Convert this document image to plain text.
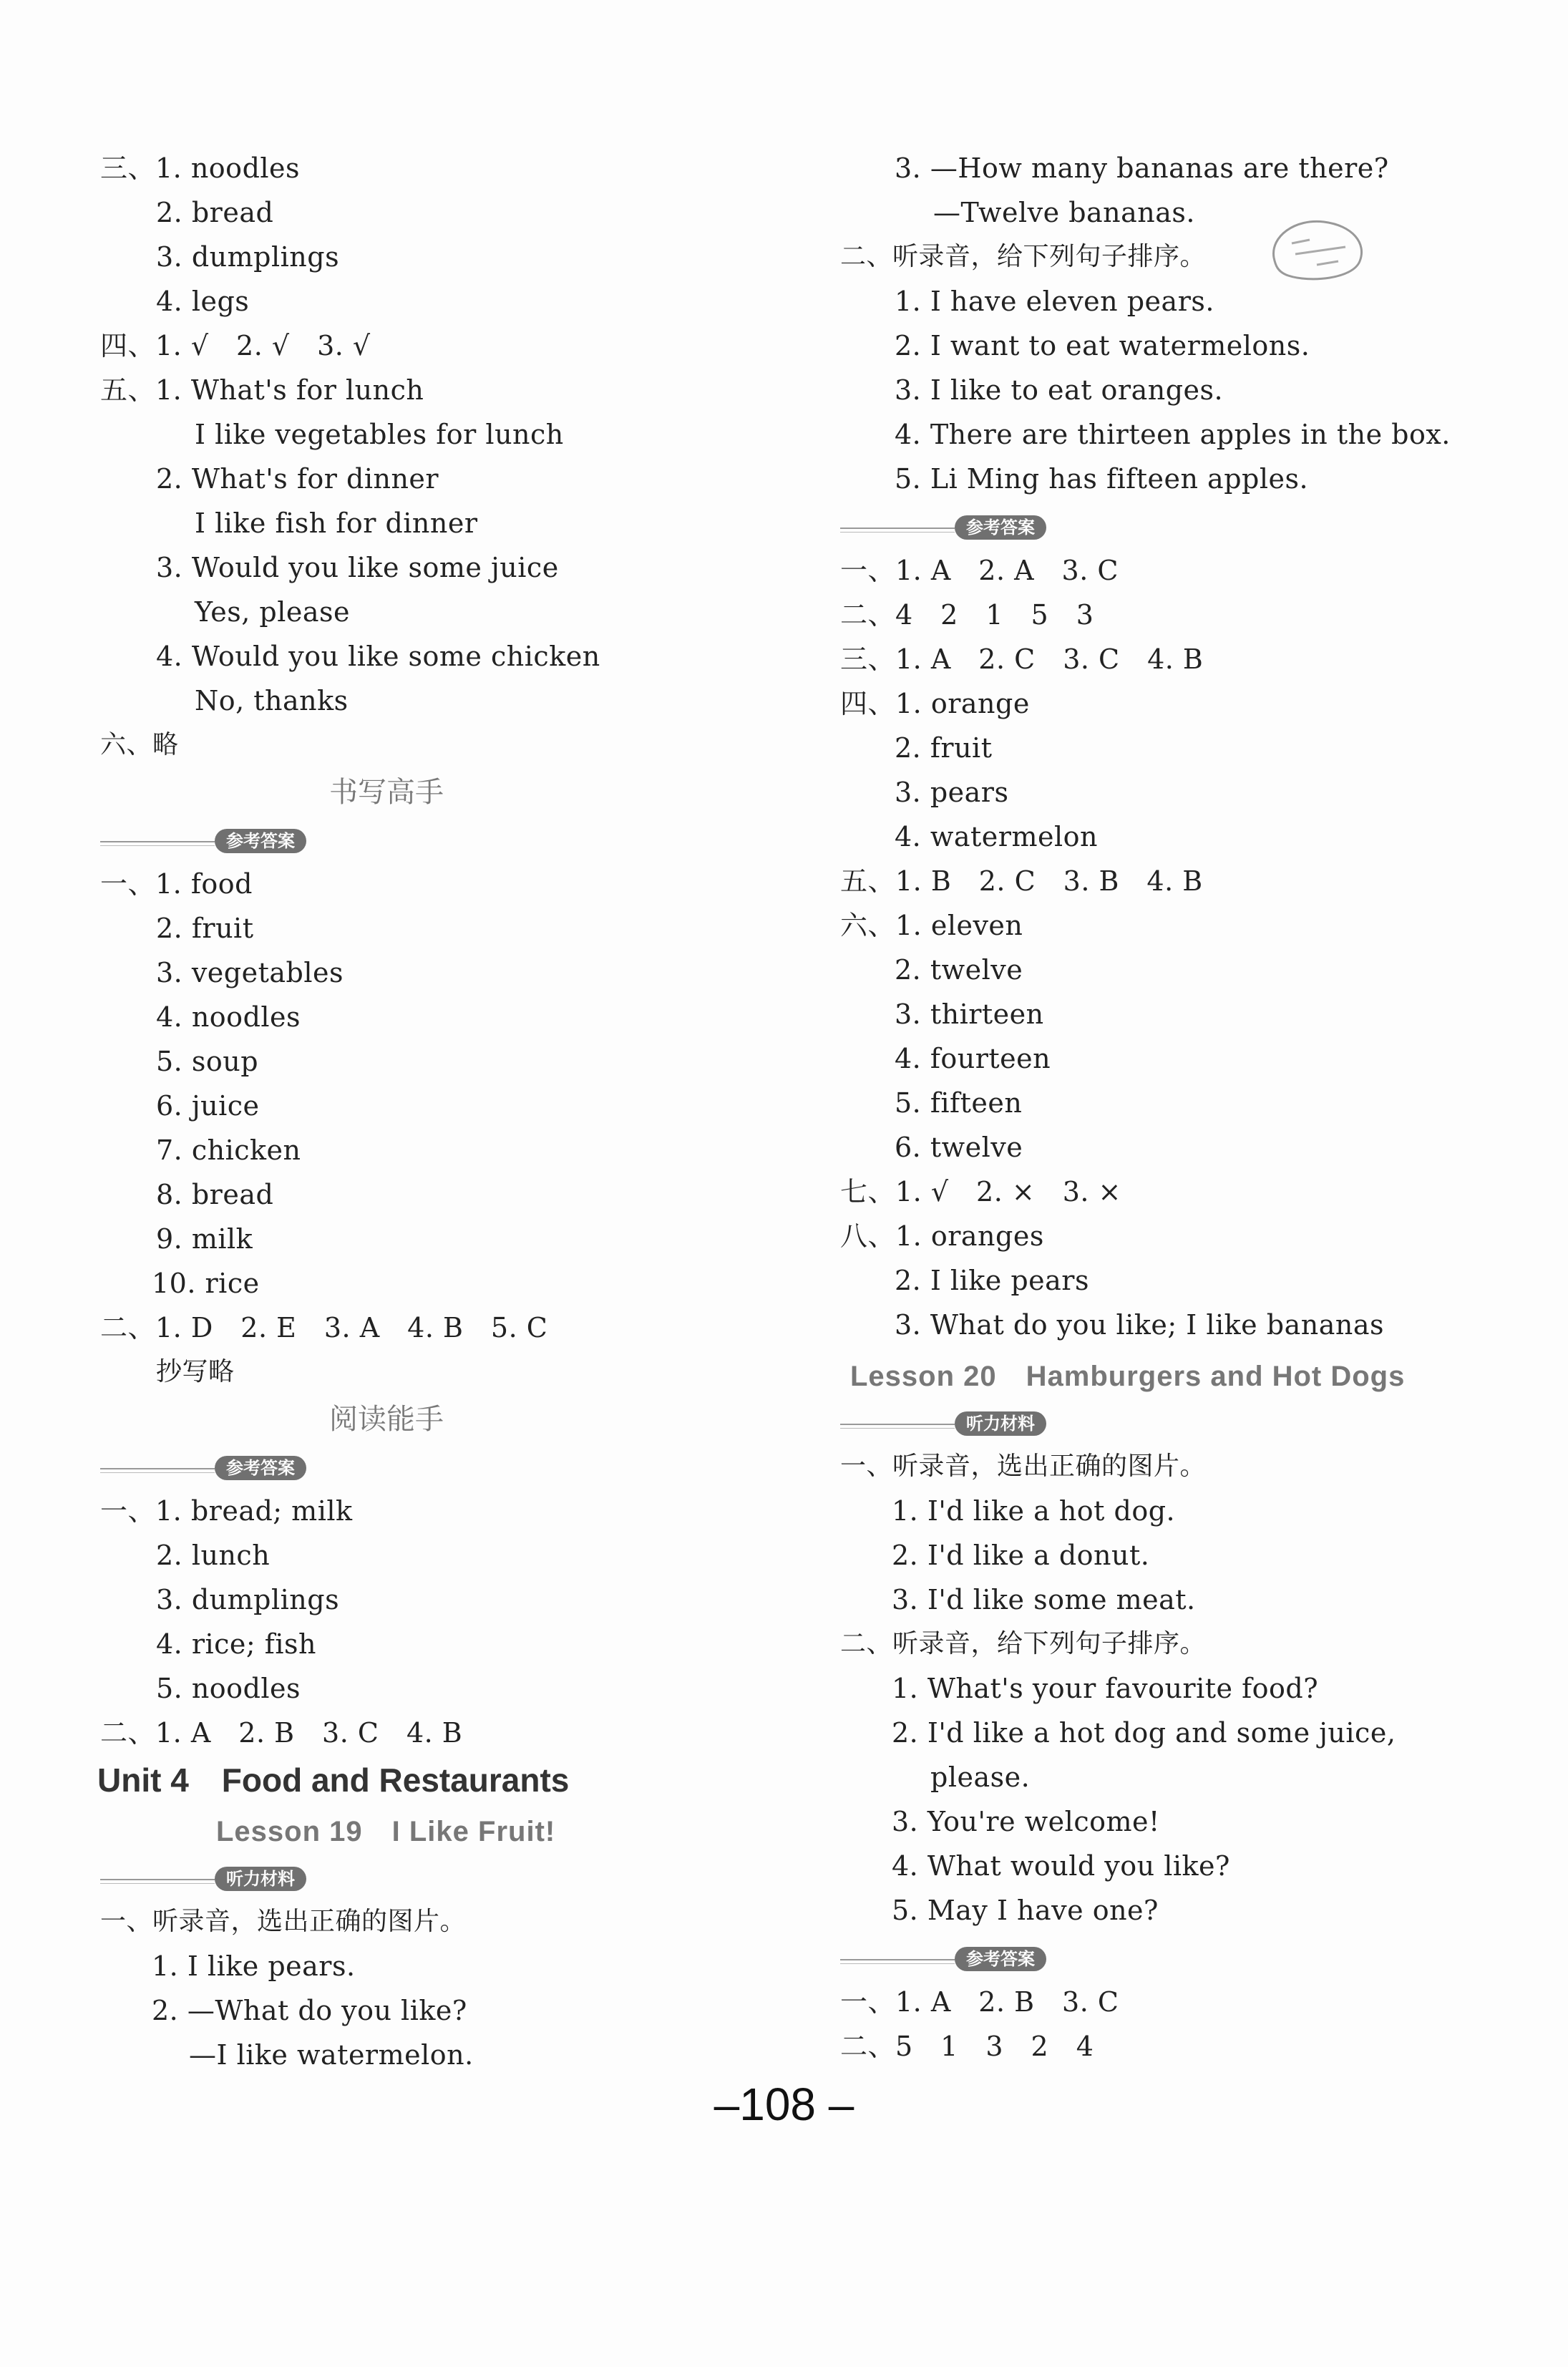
三、1. noodles
2. bread
3. dumplings
4. legs
四、1. √　2. √　3. √
五、1. What's for lunch
I like vegetables for lunch
2. What's for dinner
I like fish for dinner
3. Would you like some juice
Yes, please
4. Would you like some chicken
No, thanks
六、略
书写高手
参考答案
一、1. food
2. fruit
3. vegetables
4. noodles
5. soup
6. juice
7. chicken
8. bread
9. milk
10. rice
二、1. D　2. E　3. A　4. B　5. C
抄写略
阅读能手
参考答案
一、1. bread; milk
2. lunch
3. dumplings
4. rice; fish
5. noodles
二、1. A　2. B　3. C　4. B
Unit 4　Food and Restaurants
Lesson 19　I Like Fruit!
听力材料
一、听录音，选出正确的图片。
1. I like pears.
2. —What do you like?
—I like watermelon.
3. —How many bananas are there?
—Twelve bananas.
二、听录音，给下列句子排序。
1. I have eleven pears.
2. I want to eat watermelons.
3. I like to eat oranges.
4. There are thirteen apples in the box.
5. Li Ming has fifteen apples.
参考答案
一、1. A　2. A　3. C
二、4　2　1　5　3
三、1. A　2. C　3. C　4. B
四、1. orange
2. fruit
3. pears
4. watermelon
五、1. B　2. C　3. B　4. B
六、1. eleven
2. twelve
3. thirteen
4. fourteen
5. fifteen
6. twelve
七、1. √　2. ×　3. ×
八、1. oranges
2. I like pears
3. What do you like; I like bananas
Lesson 20　Hamburgers and Hot Dogs
听力材料
一、听录音，选出正确的图片。
1. I'd like a hot dog.
2. I'd like a donut.
3. I'd like some meat.
二、听录音，给下列句子排序。
1. What's your favourite food?
2. I'd like a hot dog and some juice,
please.
3. You're welcome!
4. What would you like?
5. May I have one?
参考答案
一、1. A　2. B　3. C
二、5　1　3　2　4
–108 –
